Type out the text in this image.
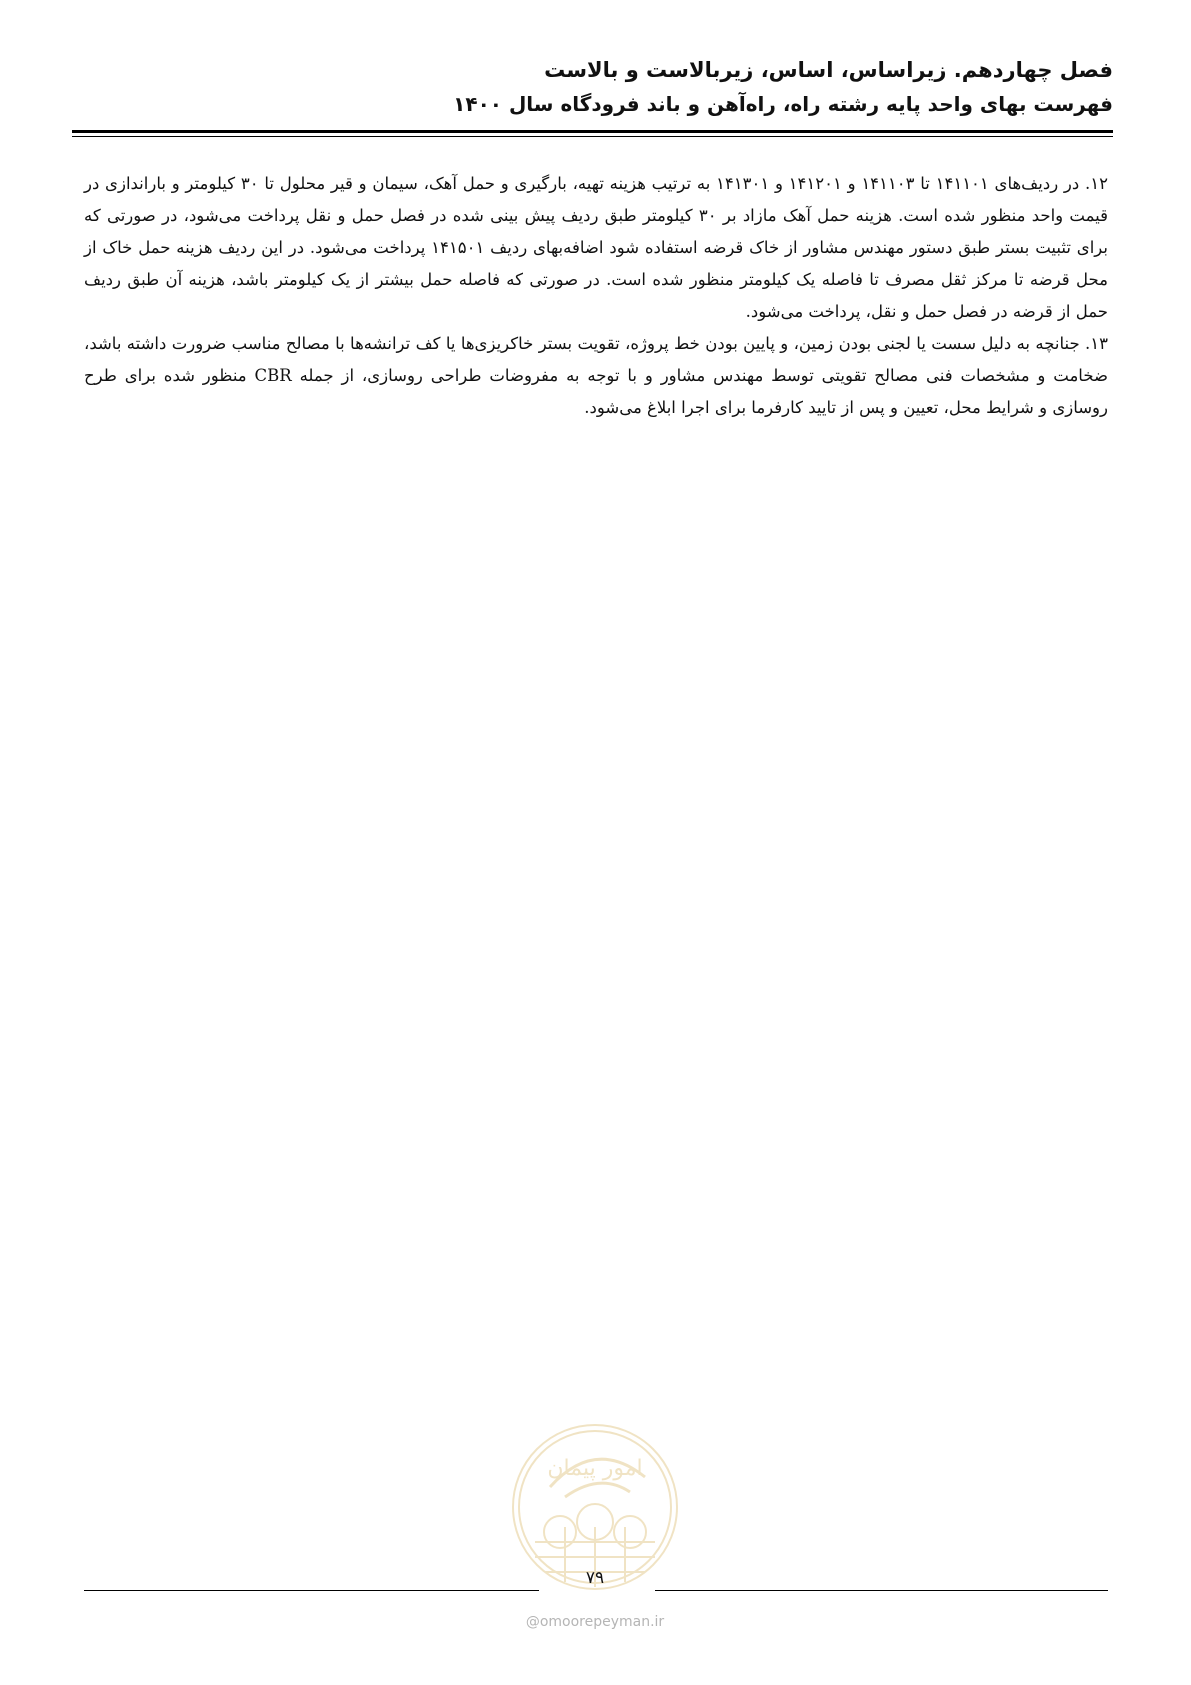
فصل چهاردهم. زیراساس، اساس، زیربالاست و بالاست
فهرست بهای واحد پایه رشته راه، راه‌آهن و باند فرودگاه سال ۱۴۰۰

۱۲. در ردیف‌های ۱۴۱۱۰۱ تا ۱۴۱۱۰۳ و ۱۴۱۲۰۱ و ۱۴۱۳۰۱ به ترتیب هزینه تهیه، بارگیری و حمل آهک، سیمان و قیر محلول تا ۳۰ کیلومتر و باراندازی در قیمت واحد منظور شده است. هزینه حمل آهک مازاد بر ۳۰ کیلومتر طبق ردیف پیش بینی شده در فصل حمل و نقل پرداخت می‌شود، در صورتی که برای تثبیت بستر طبق دستور مهندس مشاور از خاک قرضه استفاده شود اضافه‌بهای ردیف ۱۴۱۵۰۱ پرداخت می‌شود. در این ردیف هزینه حمل خاک از محل قرضه تا مرکز ثقل مصرف تا فاصله یک کیلومتر منظور شده است. در صورتی که فاصله حمل بیشتر از یک کیلومتر باشد، هزینه آن طبق ردیف حمل از قرضه در فصل حمل و نقل، پرداخت می‌شود.

۱۳. جنانچه به دلیل سست یا لجنی بودن زمین، و پایین بودن خط پروژه، تقویت بستر خاکریزی‌ها یا کف ترانشه‌ها با مصالح مناسب ضرورت داشته باشد، ضخامت و مشخصات فنی مصالح تقویتی توسط مهندس مشاور و با توجه به مفروضات طراحی روسازی، از جمله CBR منظور شده برای طرح روسازی و شرایط محل، تعیین و پس از تایید کارفرما برای اجرا ابلاغ می‌شود.

امور پیمان
۷۹
@omoorepeyman.ir
